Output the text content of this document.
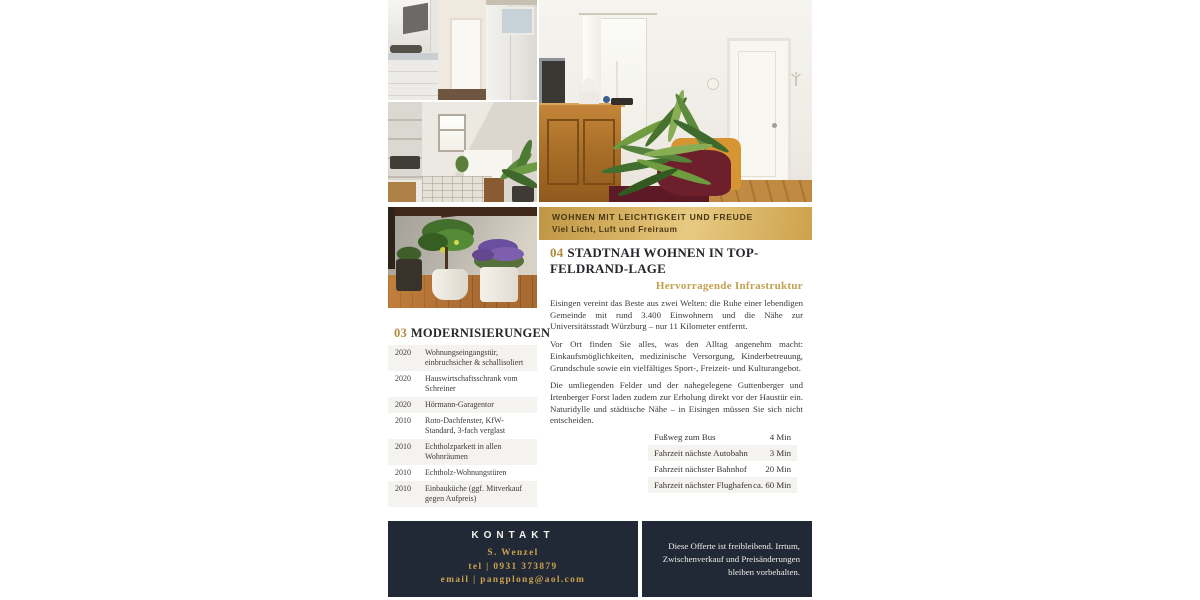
WOHNEN MIT LEICHTIGKEIT UND FREUDE
Viel Licht, Luft und Freiraum
04 STADTNAH WOHNEN IN TOP-FELDRAND-LAGE
Hervorragende Infrastruktur

Eisingen vereint das Beste aus zwei Welten: die Ruhe einer lebendigen Gemeinde mit rund 3.400 Einwohnern und die Nähe zur Universitätsstadt Würzburg – nur 11 Kilometer entfernt.

Vor Ort finden Sie alles, was den Alltag angenehm macht: Einkaufsmöglichkeiten, medizinische Versorgung, Kinderbetreuung, Grundschule sowie ein vielfältiges Sport-, Freizeit- und Kulturangebot.

Die umliegenden Felder und der nahegelegene Guttenberger und Irtenberger Forst laden zudem zur Erholung direkt vor der Haustür ein. Naturidylle und städtische Nähe – in Eisingen müssen Sie sich nicht entscheiden.

Fußweg zum Bus	4 Min
Fahrzeit nächste Autobahn 3 Min
Fahrzeit nächster Bahnhof 20 Min
Fahrzeit nächster Flughafen ca. 60 Min
03 MODERNISIERUNGEN
2020	Wohnungseingangstür, einbruchsicher & schallisoliert
2020	Hauswirtschaftsschrank vom Schreiner
2020	Hörmann-Garagentor
2010	Roto-Dachfenster, KfW-Standard, 3-fach verglast
2010	Echtholzparkett in allen Wohnräumen
2010	Echtholz-Wohnungstüren
2010	Einbauküche (ggf. Mitverkauf gegen Aufpreis)
KONTAKT
S. Wenzel
tel | 0931 373879
email | pangplong@aol.com
Diese Offerte ist freibleibend. Irrtum, Zwischenverkauf und Preisänderungen bleiben vorbehalten.
